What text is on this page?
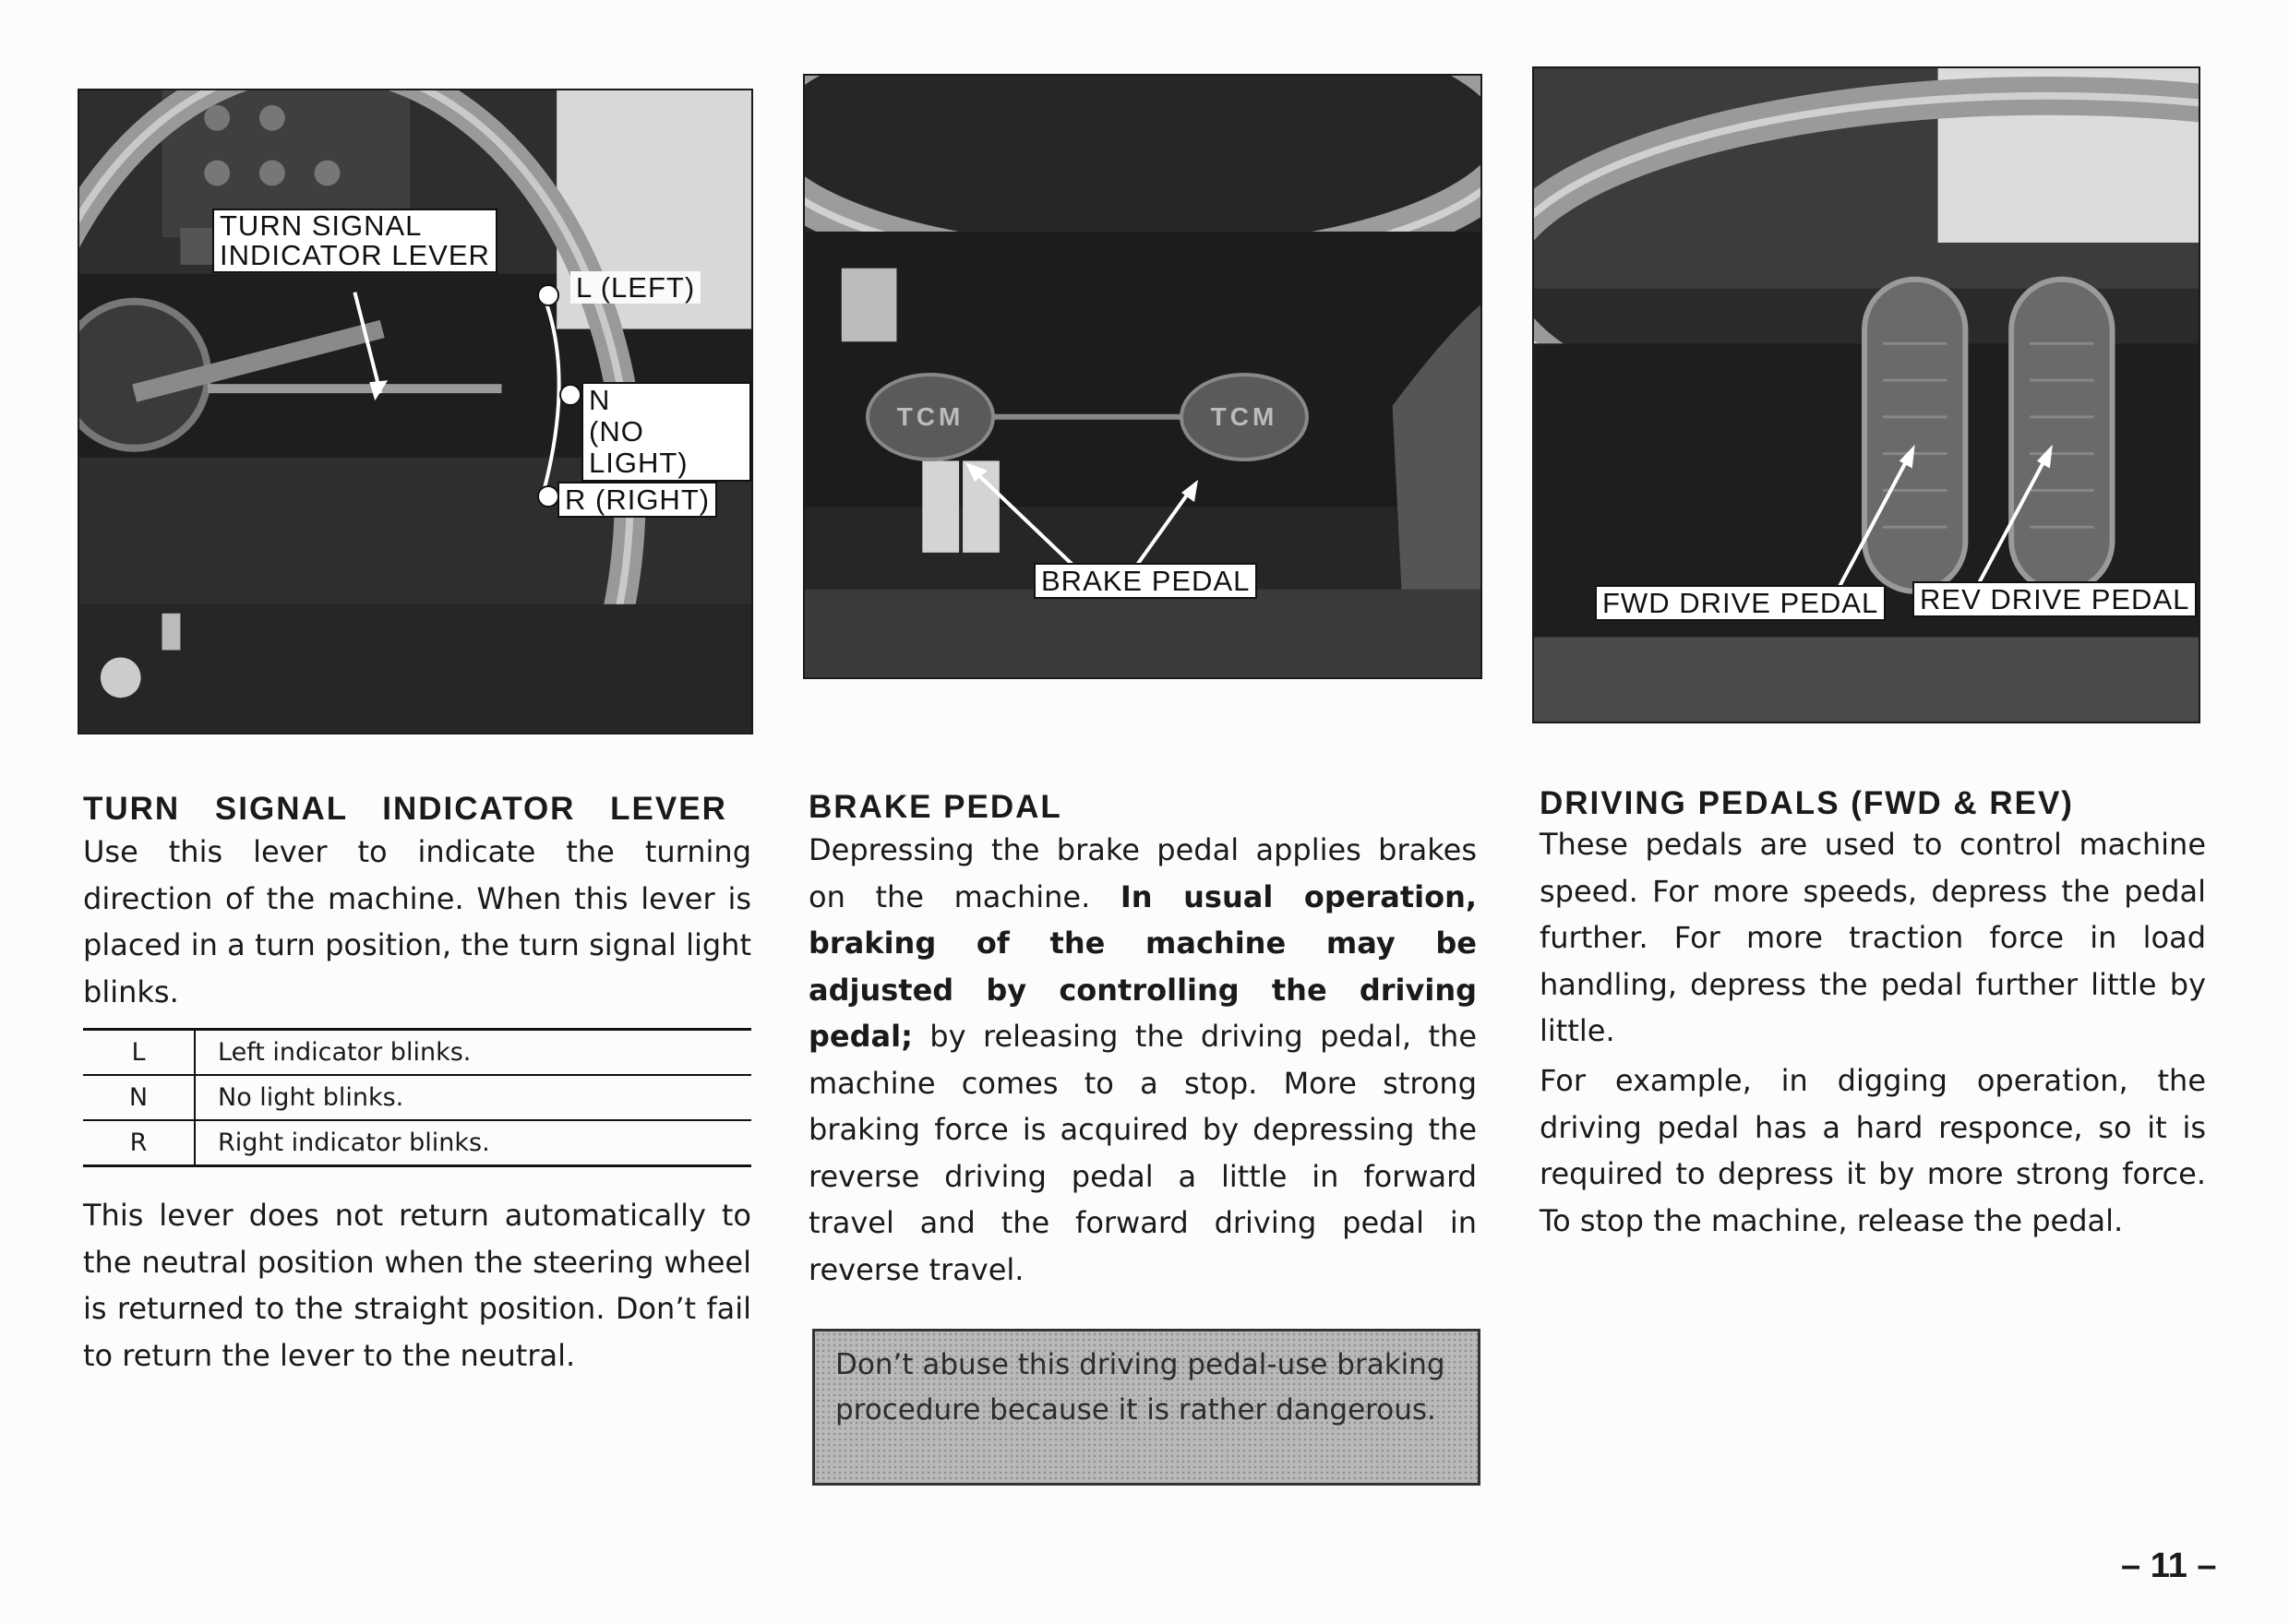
TURN SIGNAL
INDICATOR LEVER
L (LEFT)
N
(NO LIGHT)
R (RIGHT)
TCM	TCM
BRAKE PEDAL
FWD DRIVE PEDAL REV DRIVE PEDAL
TURN SIGNAL INDICATOR LEVER

Use this lever to indicate the turning direction of the machine. When this lever is placed in a turn position, the turn signal light blinks.

L	Left indicator blinks.
N	No light blinks.
R	Right indicator blinks.

This lever does not return automatically to the neutral position when the steering wheel is returned to the straight position. Don’t fail to return the lever to the neutral.

BRAKE PEDAL

Depressing the brake pedal applies brakes on the machine. In usual operation, braking of the machine may be adjusted by controlling the driving pedal; by releasing the driving pedal, the machine comes to a stop. More strong braking force is acquired by depressing the reverse driving pedal a little in forward travel and the forward driving pedal in reverse travel.

Don’t abuse this driving pedal-use braking procedure because it is rather dangerous.
DRIVING PEDALS (FWD & REV)

These pedals are used to control machine speed. For more speeds, depress the pedal further. For more traction force in load handling, depress the pedal further little by little.

For example, in digging operation, the driving pedal has a hard responce, so it is required to depress it by more strong force. To stop the machine, release the pedal.

– 11 –
